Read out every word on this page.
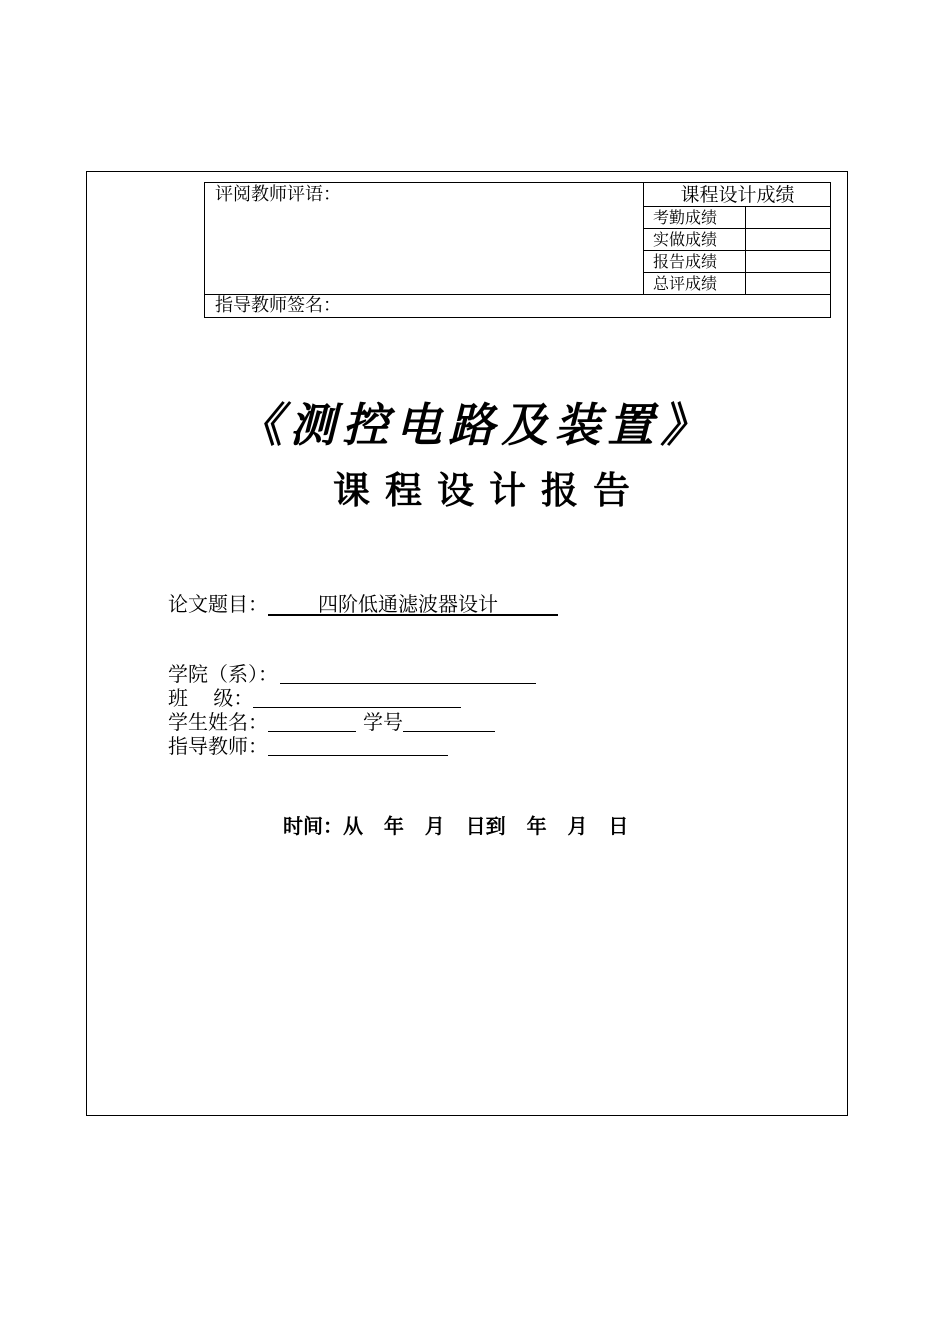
评阅教师评语：	课程设计成绩
考勤成绩
实做成绩
报告成绩
总评成绩
指导教师签名：
《测控电路及装置》
课程设计报告
论文题目：     	四阶低通滤波器设计      
学院（系）：
班    级：
学生姓名：	学号
指导教师：
时间：从 年 月 日到 年 月 日
